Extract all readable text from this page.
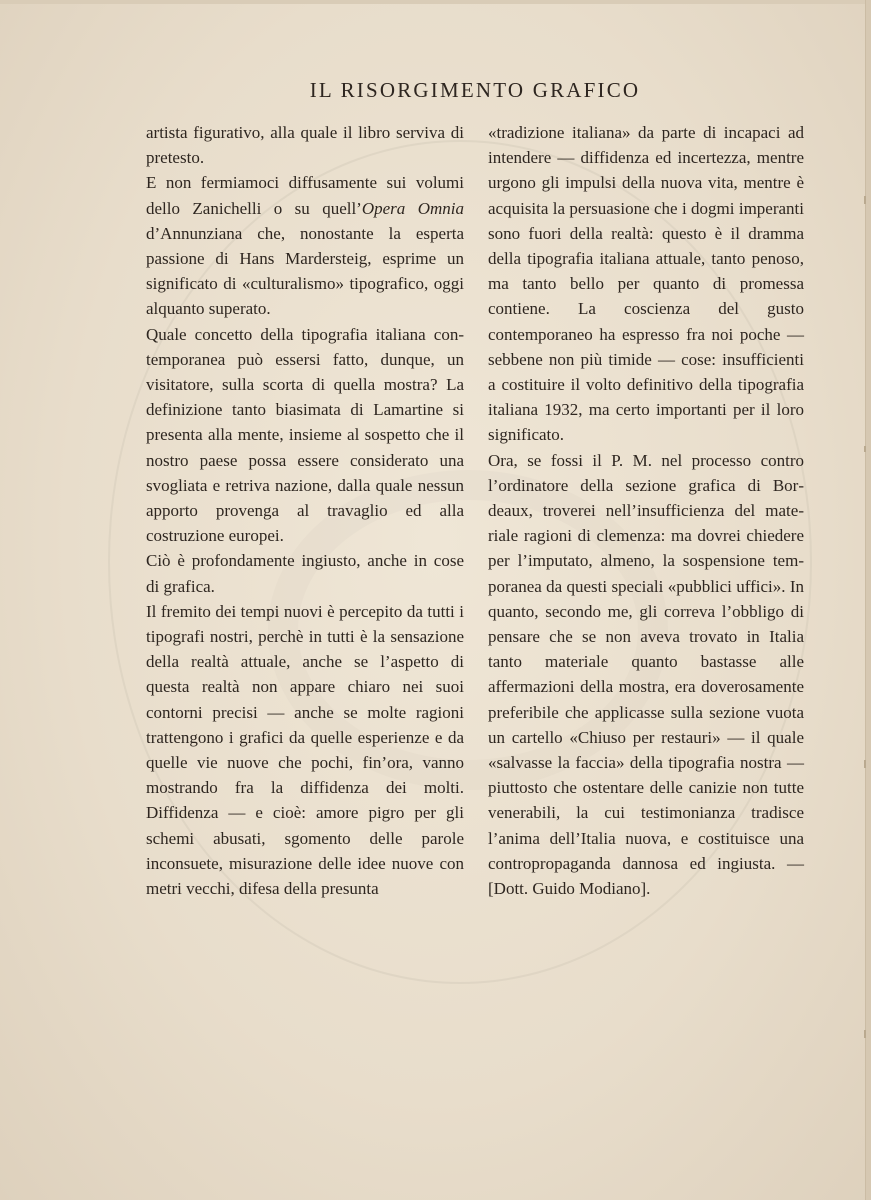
IL RISORGIMENTO GRAFICO

artista figurativo, alla quale il libro serviva di pretesto.

E non fermiamoci diffusamente sui volumi dello Zanichelli o su quell’Opera Omnia d’Annunziana che, nonostante la esperta passione di Hans Mardersteig, esprime un significato di «culturalismo» tipografico, oggi alquanto superato.

Quale concetto della tipografia italiana contemporanea può essersi fatto, dunque, un visitatore, sulla scorta di quella mostra? La definizione tanto biasimata di Lamartine si presenta alla mente, insieme al sospetto che il nostro paese possa essere considerato una svogliata e retriva nazione, dalla quale nessun apporto provenga al travaglio ed alla costruzione europei.

Ciò è profondamente ingiusto, anche in cose di grafica.

Il fremito dei tempi nuovi è percepito da tutti i tipografi nostri, perchè in tutti è la sensazione della realtà attuale, anche se l’aspetto di questa realtà non appare chiaro nei suoi contorni precisi — anche se molte ragioni trattengono i grafici da quelle esperienze e da quelle vie nuove che pochi, fin’ora, vanno mostrando fra la diffidenza dei molti. Diffidenza — e cioè: amore pigro per gli schemi abusati, sgomento delle parole inconsuete, misurazione delle idee nuove con metri vecchi, difesa della presunta

«tradizione italiana» da parte di incapaci ad intendere — diffidenza ed incertezza, mentre urgono gli impulsi della nuova vita, mentre è acquisita la persuasione che i dogmi imperanti sono fuori della realtà: questo è il dramma della tipografia italiana attuale, tanto penoso, ma tanto bello per quanto di promessa contiene. La coscienza del gusto contemporaneo ha espresso fra noi poche — sebbene non più timide — cose: insufficienti a costituire il volto definitivo della tipografia italiana 1932, ma certo importanti per il loro significato.

Ora, se fossi il P. M. nel processo contro l’ordinatore della sezione grafica di Bordeaux, troverei nell’insufficienza del materiale ragioni di clemenza: ma dovrei chiedere per l’imputato, almeno, la sospensione temporanea da questi speciali «pubblici uffici». In quanto, secondo me, gli correva l’obbligo di pensare che se non aveva trovato in Italia tanto materiale quanto bastasse alle affermazioni della mostra, era doverosamente preferibile che applicasse sulla sezione vuota un cartello «Chiuso per restauri» — il quale «salvasse la faccia» della tipografia nostra — piuttosto che ostentare delle canizie non tutte venerabili, la cui testimonianza tradisce l’anima dell’Italia nuova, e costituisce una contropropaganda dannosa ed ingiusta. — [Dott. Guido Modiano].
